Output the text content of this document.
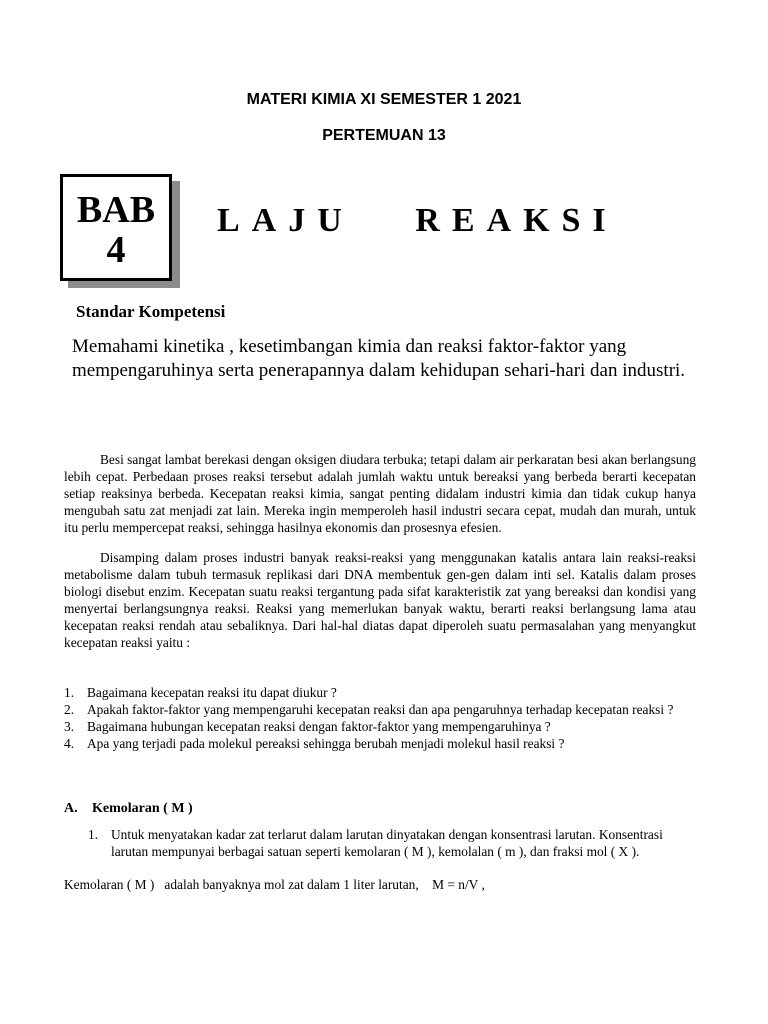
MATERI KIMIA XI SEMESTER 1 2021
PERTEMUAN 13
BAB
4
LAJU   REAKSI
Standar Kompetensi
Memahami kinetika , kesetimbangan kimia dan reaksi faktor-faktor yang mempengaruhinya serta penerapannya dalam kehidupan sehari-hari dan industri.

Besi sangat lambat berekasi dengan oksigen diudara terbuka; tetapi dalam air perkaratan besi akan berlangsung lebih cepat. Perbedaan proses reaksi tersebut adalah jumlah waktu untuk bereaksi yang berbeda berarti kecepatan setiap reaksinya berbeda. Kecepatan reaksi kimia, sangat penting didalam industri kimia dan tidak cukup hanya mengubah satu zat menjadi zat lain. Mereka ingin memperoleh hasil industri secara cepat, mudah dan murah, untuk itu perlu mempercepat reaksi, sehingga hasilnya ekonomis dan prosesnya efesien.

Disamping dalam proses industri banyak reaksi-reaksi yang menggunakan katalis antara lain reaksi-reaksi metabolisme dalam tubuh termasuk replikasi dari DNA membentuk gen-gen dalam inti sel. Katalis dalam proses biologi disebut enzim. Kecepatan suatu reaksi tergantung pada sifat karakteristik zat yang bereaksi dan kondisi yang menyertai berlangsungnya reaksi. Reaksi yang memerlukan banyak waktu, berarti reaksi berlangsung lama atau kecepatan reaksi rendah atau sebaliknya. Dari hal-hal diatas dapat diperoleh suatu permasalahan yang menyangkut kecepatan reaksi yaitu :

1. Bagaimana kecepatan reaksi itu dapat diukur ?
2. Apakah faktor-faktor yang mempengaruhi kecepatan reaksi dan apa pengaruhnya terhadap kecepatan reaksi ?
3. Bagaimana hubungan kecepatan reaksi dengan faktor-faktor yang mempengaruhinya ?
4. Apa yang terjadi pada molekul pereaksi sehingga berubah menjadi molekul hasil reaksi ?
A. Kemolaran ( M )
1. Untuk menyatakan kadar zat terlarut dalam larutan dinyatakan dengan konsentrasi larutan. Konsentrasi larutan mempunyai berbagai satuan seperti kemolaran ( M ), kemolalan ( m ), dan fraksi mol ( X ).
Kemolaran ( M )   adalah banyaknya mol zat dalam 1 liter larutan,    M = n/V ,
